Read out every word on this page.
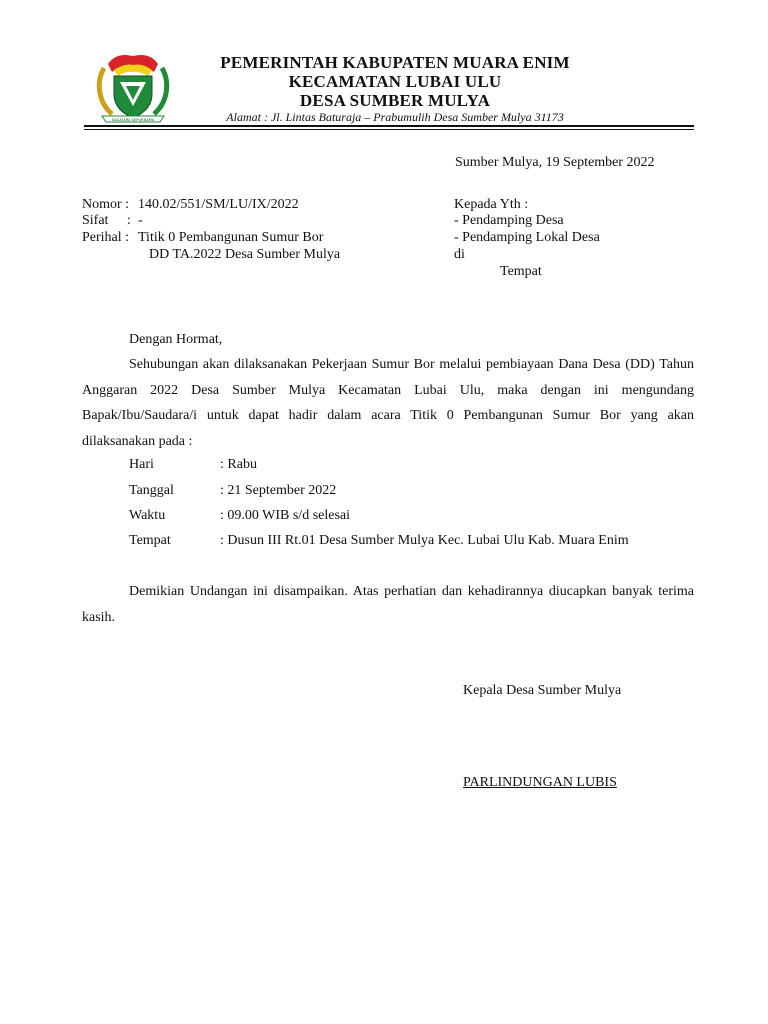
SAGATARA SEPURNAMA
PEMERINTAH KABUPATEN MUARA ENIM
KECAMATAN LUBAI ULU
DESA SUMBER MULYA
Alamat : Jl. Lintas Baturaja – Prabumulih Desa Sumber Mulya 31173
Sumber Mulya, 19 September 2022
Nomor : 140.02/551/SM/LU/IX/2022
Sifat : -
Perihal : Titik 0 Pembangunan Sumur Bor
DD TA.2022 Desa Sumber Mulya
Kepada Yth :
- Pendamping Desa
- Pendamping Lokal Desa
di
Tempat
Dengan Hormat,
Sehubungan akan dilaksanakan Pekerjaan Sumur Bor melalui pembiayaan Dana Desa (DD) Tahun Anggaran 2022 Desa Sumber Mulya Kecamatan Lubai Ulu, maka dengan ini mengundang Bapak/Ibu/Saudara/i untuk dapat hadir dalam acara Titik 0 Pembangunan Sumur Bor yang akan dilaksanakan pada :
Hari	: Rabu
Tanggal	: 21 September 2022
Waktu	: 09.00 WIB s/d selesai
Tempat	: Dusun III Rt.01 Desa Sumber Mulya Kec. Lubai Ulu Kab. Muara Enim
Demikian Undangan ini disampaikan. Atas perhatian dan kehadirannya diucapkan banyak terima kasih.
Kepala Desa Sumber Mulya
PARLINDUNGAN LUBIS
